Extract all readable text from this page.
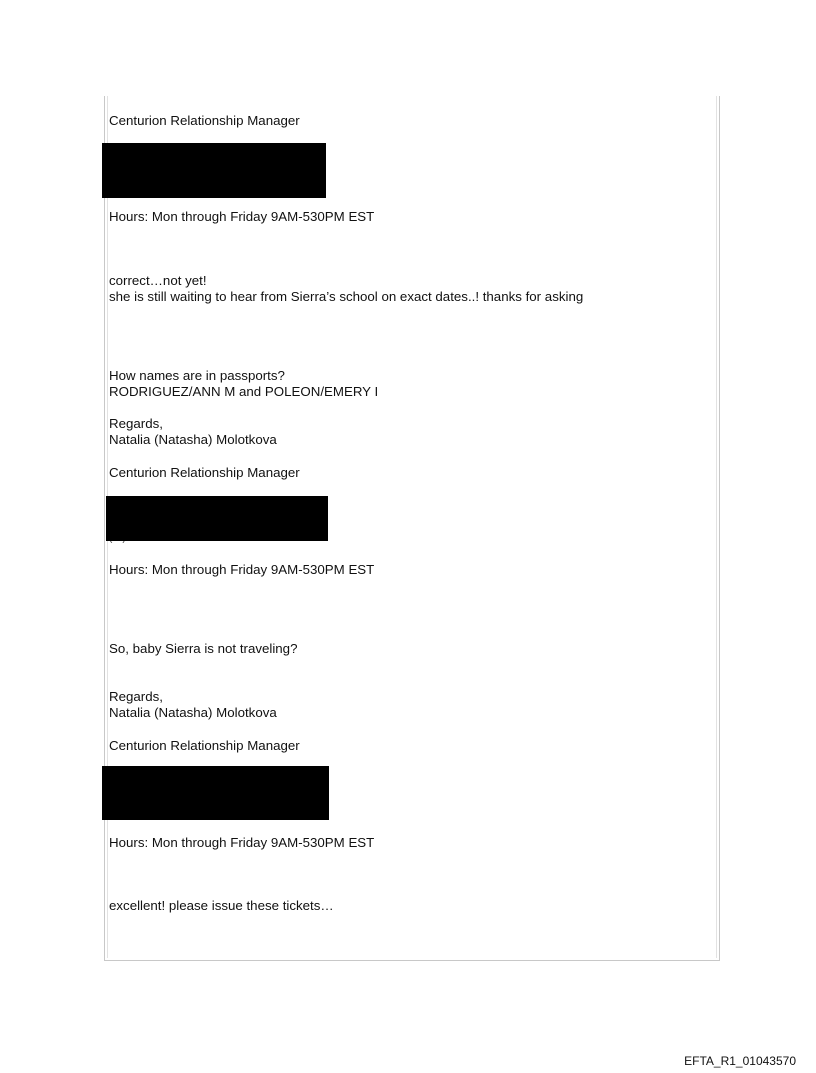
Centurion Relationship Manager
Hours: Mon through Friday 9AM-530PM EST
correct…not yet!
she is still waiting to hear from Sierra’s school on exact dates..! thanks for asking
How names are in passports?
RODRIGUEZ/ANN M and POLEON/EMERY I
Regards,
Natalia (Natasha) Molotkova
Centurion Relationship Manager
Hours: Mon through Friday 9AM-530PM EST
So, baby Sierra is not traveling?
Regards,
Natalia (Natasha) Molotkova
Centurion Relationship Manager
Hours: Mon through Friday 9AM-530PM EST
excellent! please issue these tickets…
EFTA_R1_01043570
